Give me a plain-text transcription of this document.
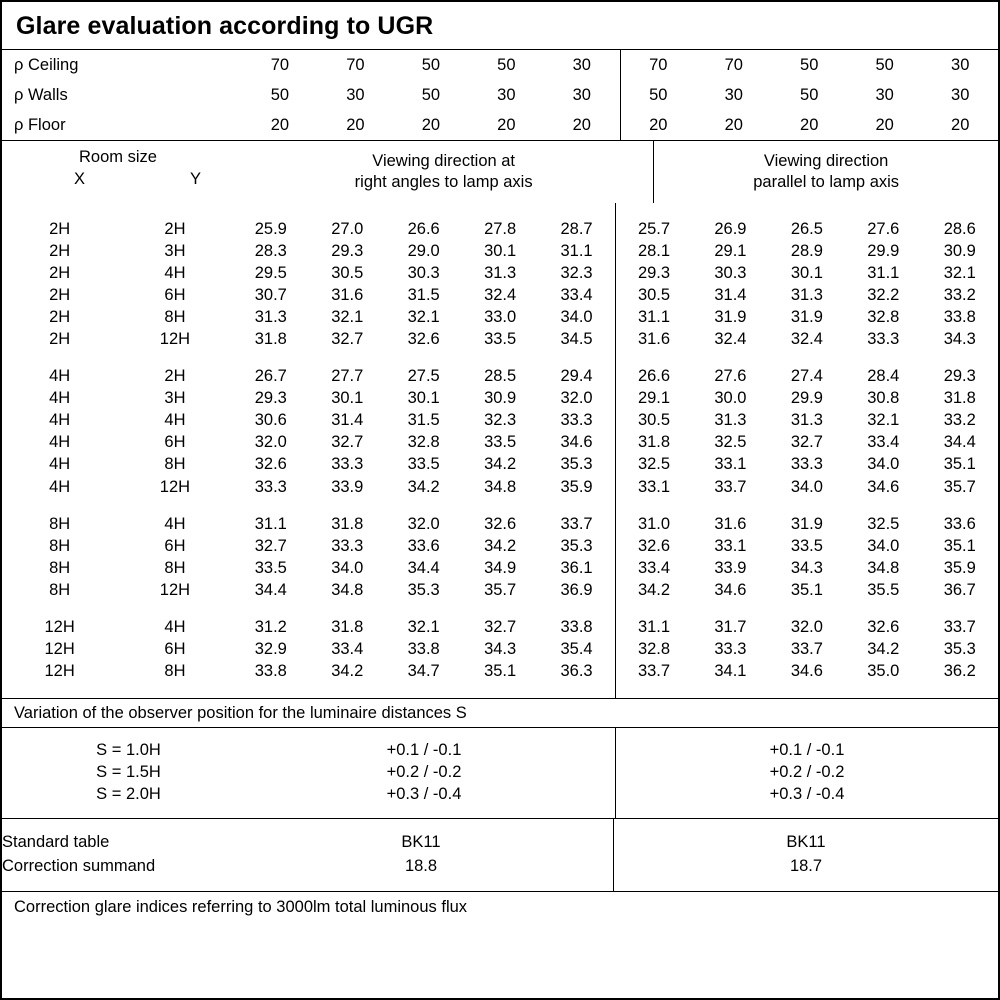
Glare evaluation according to UGR
ρ Ceiling	70	70	50	50	30	70	70	50	50	30
ρ Walls	50	30	50	30	30	50	30	50	30	30
ρ Floor	20	20	20	20	20	20	20	20	20	20
Room size
X	Y

Viewing direction at
right angles to lamp axis

Viewing direction
parallel to lamp axis

2H	2H	25.9	27.0	26.6	27.8	28.7	25.7	26.9	26.5	27.6	28.6
2H	3H	28.3	29.3	29.0	30.1	31.1	28.1	29.1	28.9	29.9	30.9
2H	4H	29.5	30.5	30.3	31.3	32.3	29.3	30.3	30.1	31.1	32.1
2H	6H	30.7	31.6	31.5	32.4	33.4	30.5	31.4	31.3	32.2	33.2
2H	8H	31.3	32.1	32.1	33.0	34.0	31.1	31.9	31.9	32.8	33.8
2H	12H	31.8	32.7	32.6	33.5	34.5	31.6	32.4	32.4	33.3	34.3

4H	2H	26.7	27.7	27.5	28.5	29.4	26.6	27.6	27.4	28.4	29.3
4H	3H	29.3	30.1	30.1	30.9	32.0	29.1	30.0	29.9	30.8	31.8
4H	4H	30.6	31.4	31.5	32.3	33.3	30.5	31.3	31.3	32.1	33.2
4H	6H	32.0	32.7	32.8	33.5	34.6	31.8	32.5	32.7	33.4	34.4
4H	8H	32.6	33.3	33.5	34.2	35.3	32.5	33.1	33.3	34.0	35.1
4H	12H	33.3	33.9	34.2	34.8	35.9	33.1	33.7	34.0	34.6	35.7

8H	4H	31.1	31.8	32.0	32.6	33.7	31.0	31.6	31.9	32.5	33.6
8H	6H	32.7	33.3	33.6	34.2	35.3	32.6	33.1	33.5	34.0	35.1
8H	8H	33.5	34.0	34.4	34.9	36.1	33.4	33.9	34.3	34.8	35.9
8H	12H	34.4	34.8	35.3	35.7	36.9	34.2	34.6	35.1	35.5	36.7

12H	4H	31.2	31.8	32.1	32.7	33.8	31.1	31.7	32.0	32.6	33.7
12H	6H	32.9	33.4	33.8	34.3	35.4	32.8	33.3	33.7	34.2	35.3
12H	8H	33.8	34.2	34.7	35.1	36.3	33.7	34.1	34.6	35.0	36.2

Variation of the observer position for the luminaire distances S

S = 1.0H	+0.1 / -0.1	+0.1 / -0.1
S = 1.5H	+0.2 / -0.2	+0.2 / -0.2
S = 2.0H	+0.3 / -0.4	+0.3 / -0.4

Standard table	BK11	BK11
Correction summand	18.8	18.7

Correction glare indices referring to 3000lm total luminous flux
